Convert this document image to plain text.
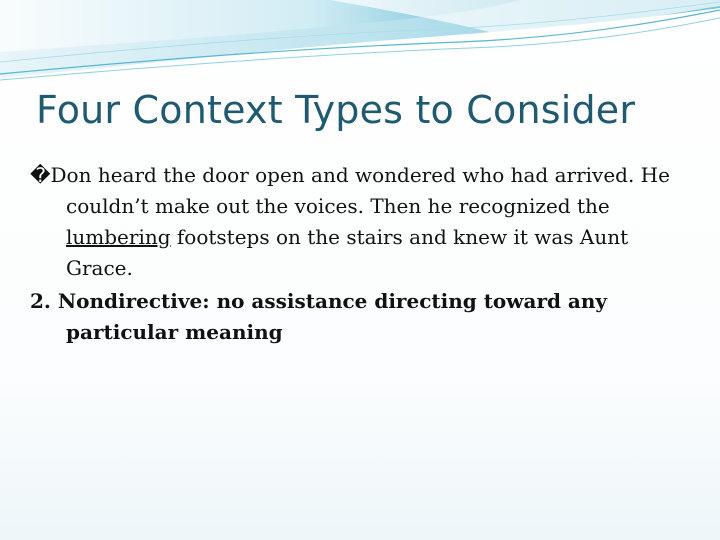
Four Context Types to Consider

�Don heard the door open and wondered who had arrived. He couldn’t make out the voices. Then he recognized the lumbering footsteps on the stairs and knew it was Aunt Grace.

2. Nondirective: no assistance directing toward any particular meaning
